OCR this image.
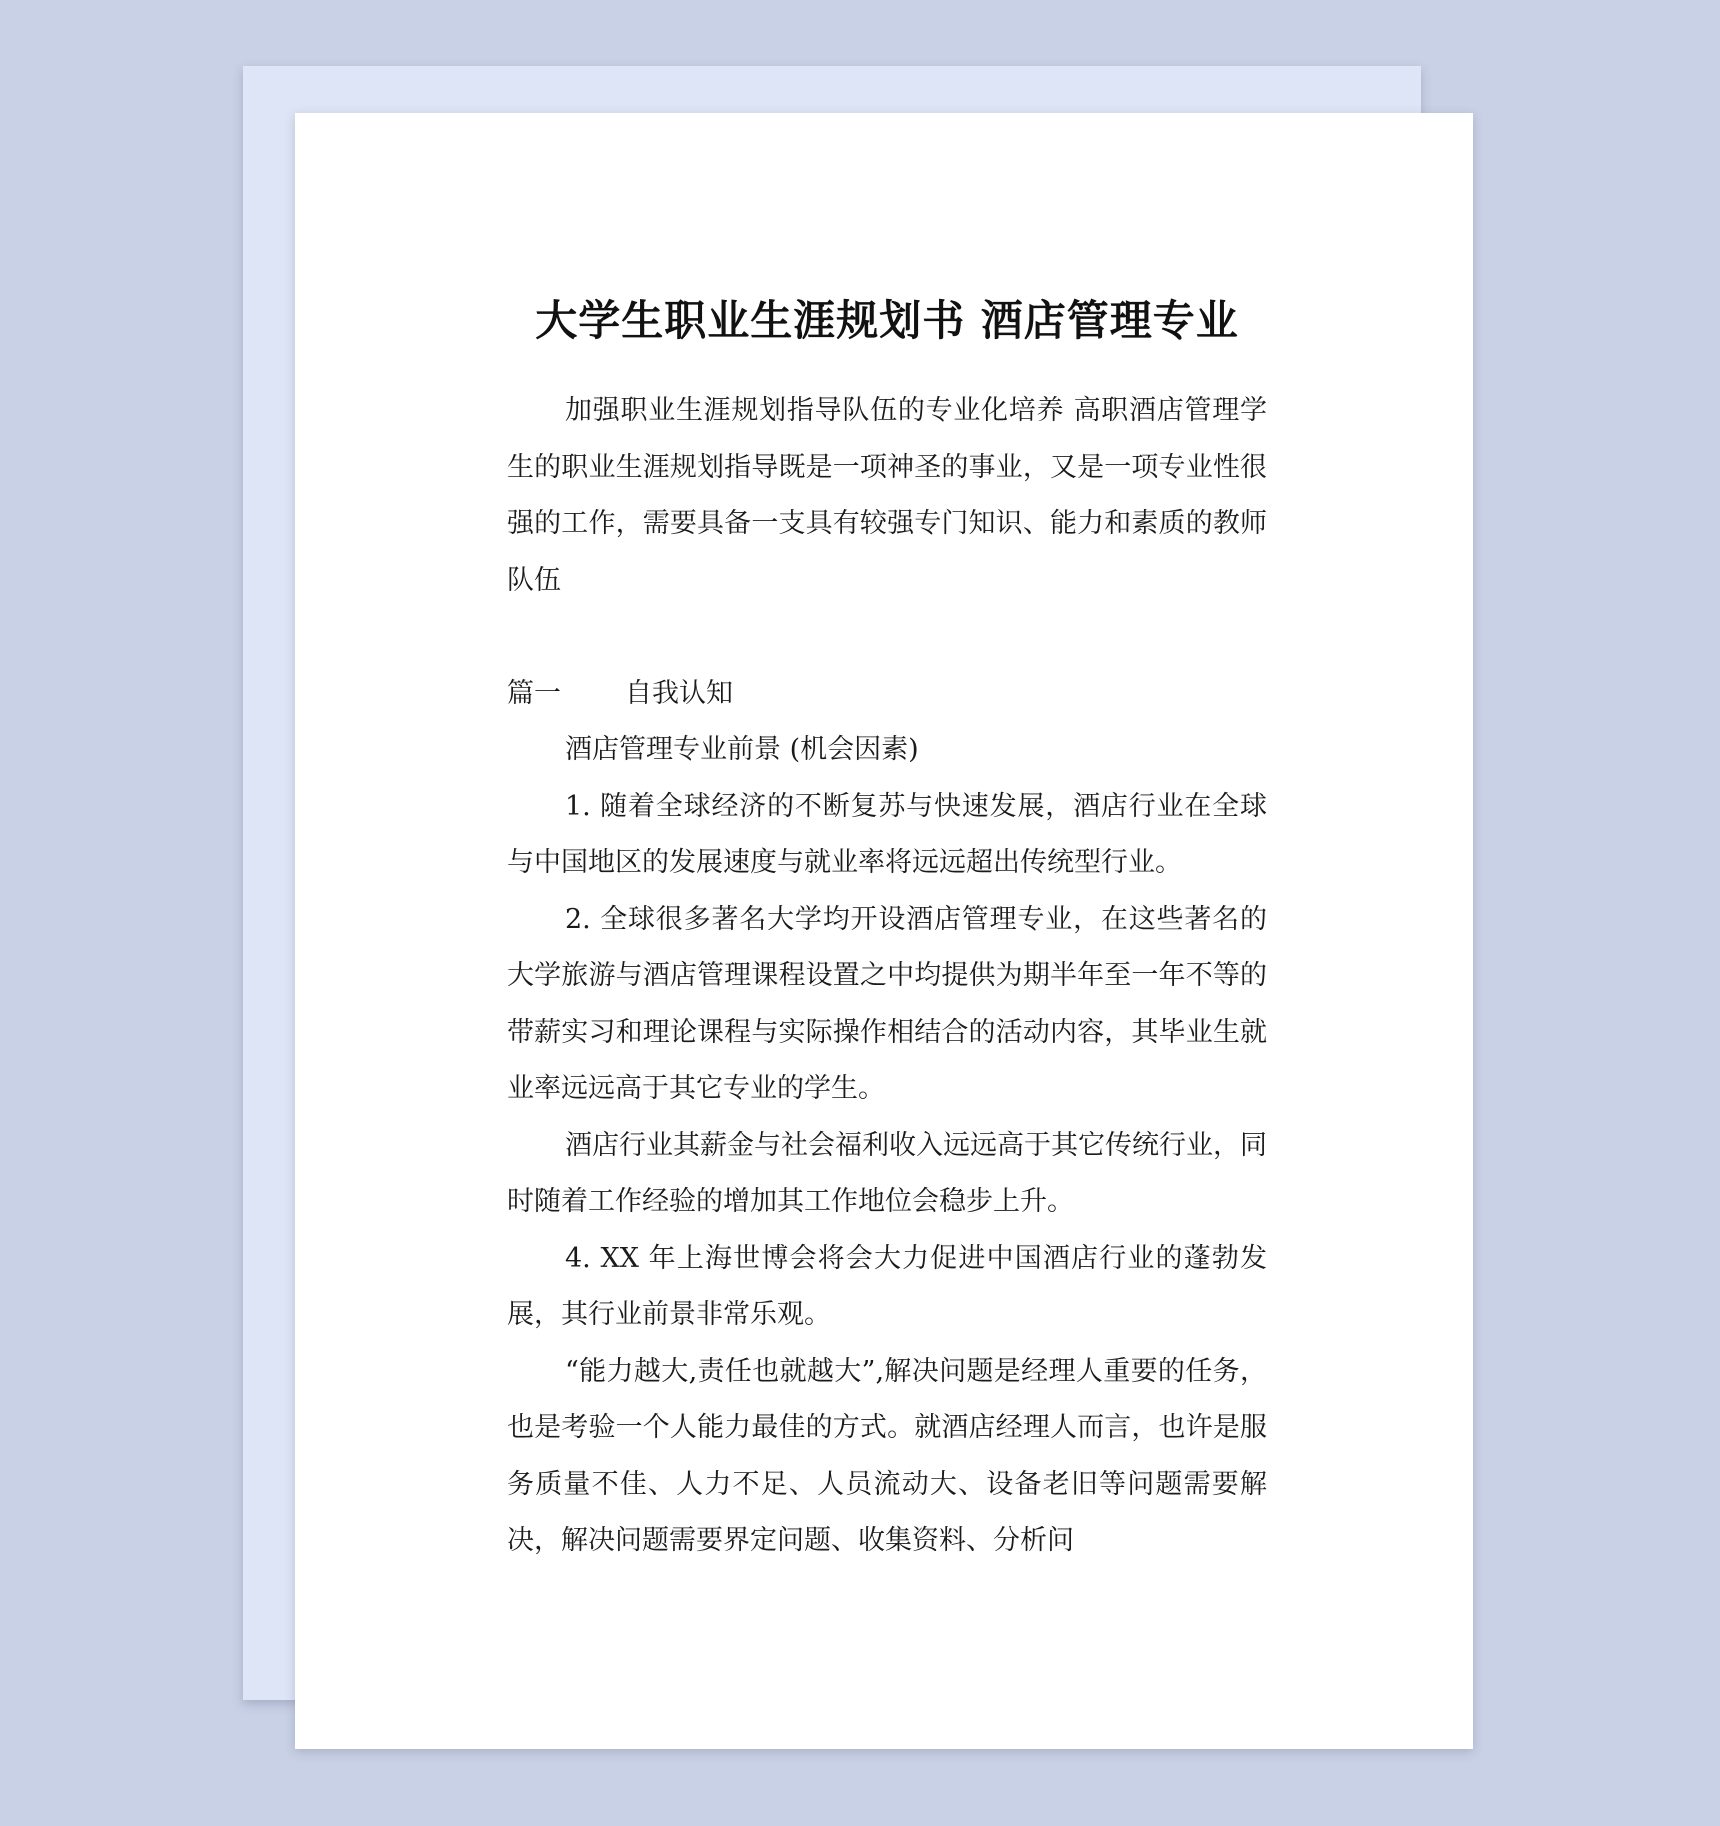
大学生职业生涯规划书 酒店管理专业

加强职业生涯规划指导队伍的专业化培养 高职酒店管理学生的职业生涯规划指导既是一项神圣的事业，又是一项专业性很强的工作，需要具备一支具有较强专门知识、能力和素质的教师队伍

篇一 自我认知

酒店管理专业前景 (机会因素)

1. 随着全球经济的不断复苏与快速发展，酒店行业在全球与中国地区的发展速度与就业率将远远超出传统型行业。

2. 全球很多著名大学均开设酒店管理专业，在这些著名的大学旅游与酒店管理课程设置之中均提供为期半年至一年不等的带薪实习和理论课程与实际操作相结合的活动内容，其毕业生就业率远远高于其它专业的学生。

酒店行业其薪金与社会福利收入远远高于其它传统行业，同时随着工作经验的增加其工作地位会稳步上升。

4. XX 年上海世博会将会大力促进中国酒店行业的蓬勃发展，其行业前景非常乐观。

“能力越大,责任也就越大”,解决问题是经理人重要的任务，也是考验一个人能力最佳的方式。就酒店经理人而言，也许是服务质量不佳、人力不足、人员流动大、设备老旧等问题需要解决，解决问题需要界定问题、收集资料、分析问
